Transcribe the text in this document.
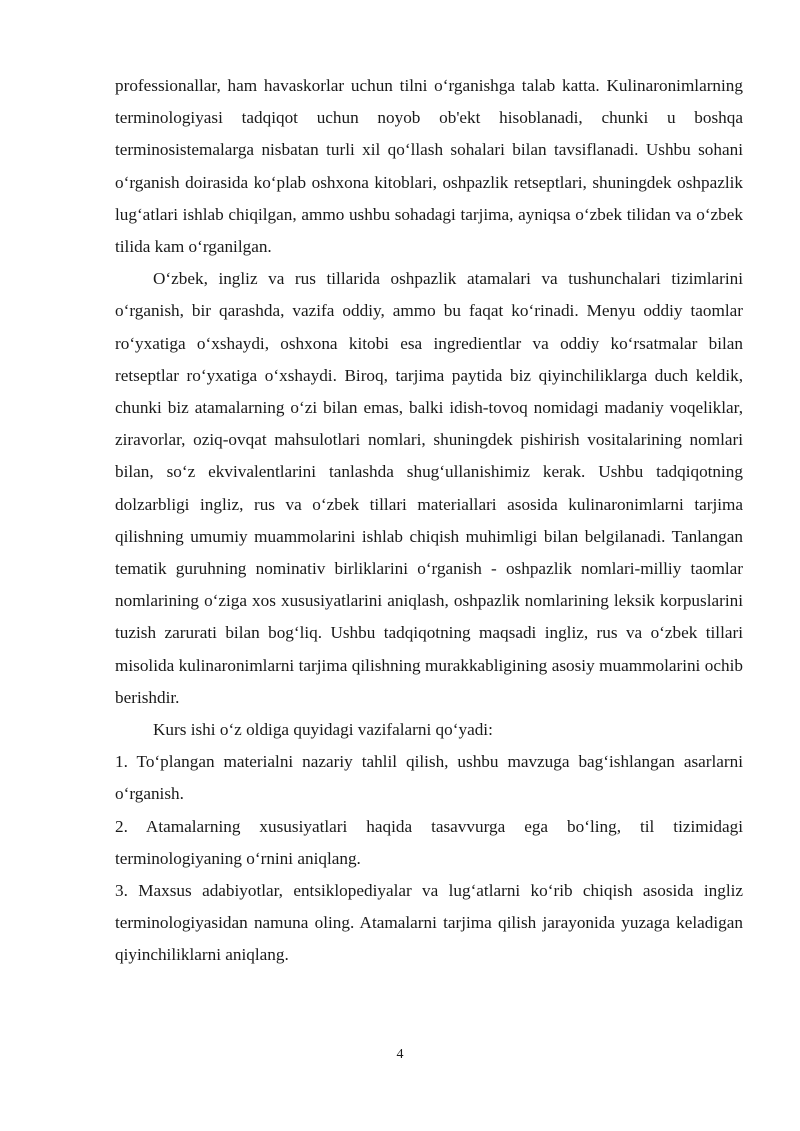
professionallar, ham havaskorlar uchun tilni o‘rganishga talab katta. Kulinaronimlarning terminologiyasi tadqiqot uchun noyob ob'ekt hisoblanadi, chunki u boshqa terminosistemalarga nisbatan turli xil qo‘llash sohalari bilan tavsiflanadi. Ushbu sohani o‘rganish doirasida ko‘plab oshxona kitoblari, oshpazlik retseptlari, shuningdek oshpazlik lug‘atlari ishlab chiqilgan, ammo ushbu sohadagi tarjima, ayniqsa o‘zbek tilidan va o‘zbek tilida kam o‘rganilgan.

O‘zbek, ingliz va rus tillarida oshpazlik atamalari va tushunchalari tizimlarini o‘rganish, bir qarashda, vazifa oddiy, ammo bu faqat ko‘rinadi. Menyu oddiy taomlar ro‘yxatiga o‘xshaydi, oshxona kitobi esa ingredientlar va oddiy ko‘rsatmalar bilan retseptlar ro‘yxatiga o‘xshaydi. Biroq, tarjima paytida biz qiyinchiliklarga duch keldik, chunki biz atamalarning o‘zi bilan emas, balki idish-tovoq nomidagi madaniy voqeliklar, ziravorlar, oziq-ovqat mahsulotlari nomlari, shuningdek pishirish vositalarining nomlari bilan, so‘z ekvivalentlarini tanlashda shug‘ullanishimiz kerak. Ushbu tadqiqotning dolzarbligi ingliz, rus va o‘zbek tillari materiallari asosida kulinaronimlarni tarjima qilishning umumiy muammolarini ishlab chiqish muhimligi bilan belgilanadi. Tanlangan tematik guruhning nominativ birliklarini o‘rganish - oshpazlik nomlari-milliy taomlar nomlarining o‘ziga xos xususiyatlarini aniqlash, oshpazlik nomlarining leksik korpuslarini tuzish zarurati bilan bog‘liq. Ushbu tadqiqotning maqsadi ingliz, rus va o‘zbek tillari misolida kulinaronimlarni tarjima qilishning murakkabligining asosiy muammolarini ochib berishdir.

Kurs ishi o‘z oldiga quyidagi vazifalarni qo‘yadi:

1. To‘plangan materialni nazariy tahlil qilish, ushbu mavzuga bag‘ishlangan asarlarni o‘rganish.

2. Atamalarning xususiyatlari haqida tasavvurga ega bo‘ling, til tizimidagi terminologiyaning o‘rnini aniqlang.

3. Maxsus adabiyotlar, entsiklopediyalar va lug‘atlarni ko‘rib chiqish asosida ingliz terminologiyasidan namuna oling. Atamalarni tarjima qilish jarayonida yuzaga keladigan qiyinchiliklarni aniqlang.

4
